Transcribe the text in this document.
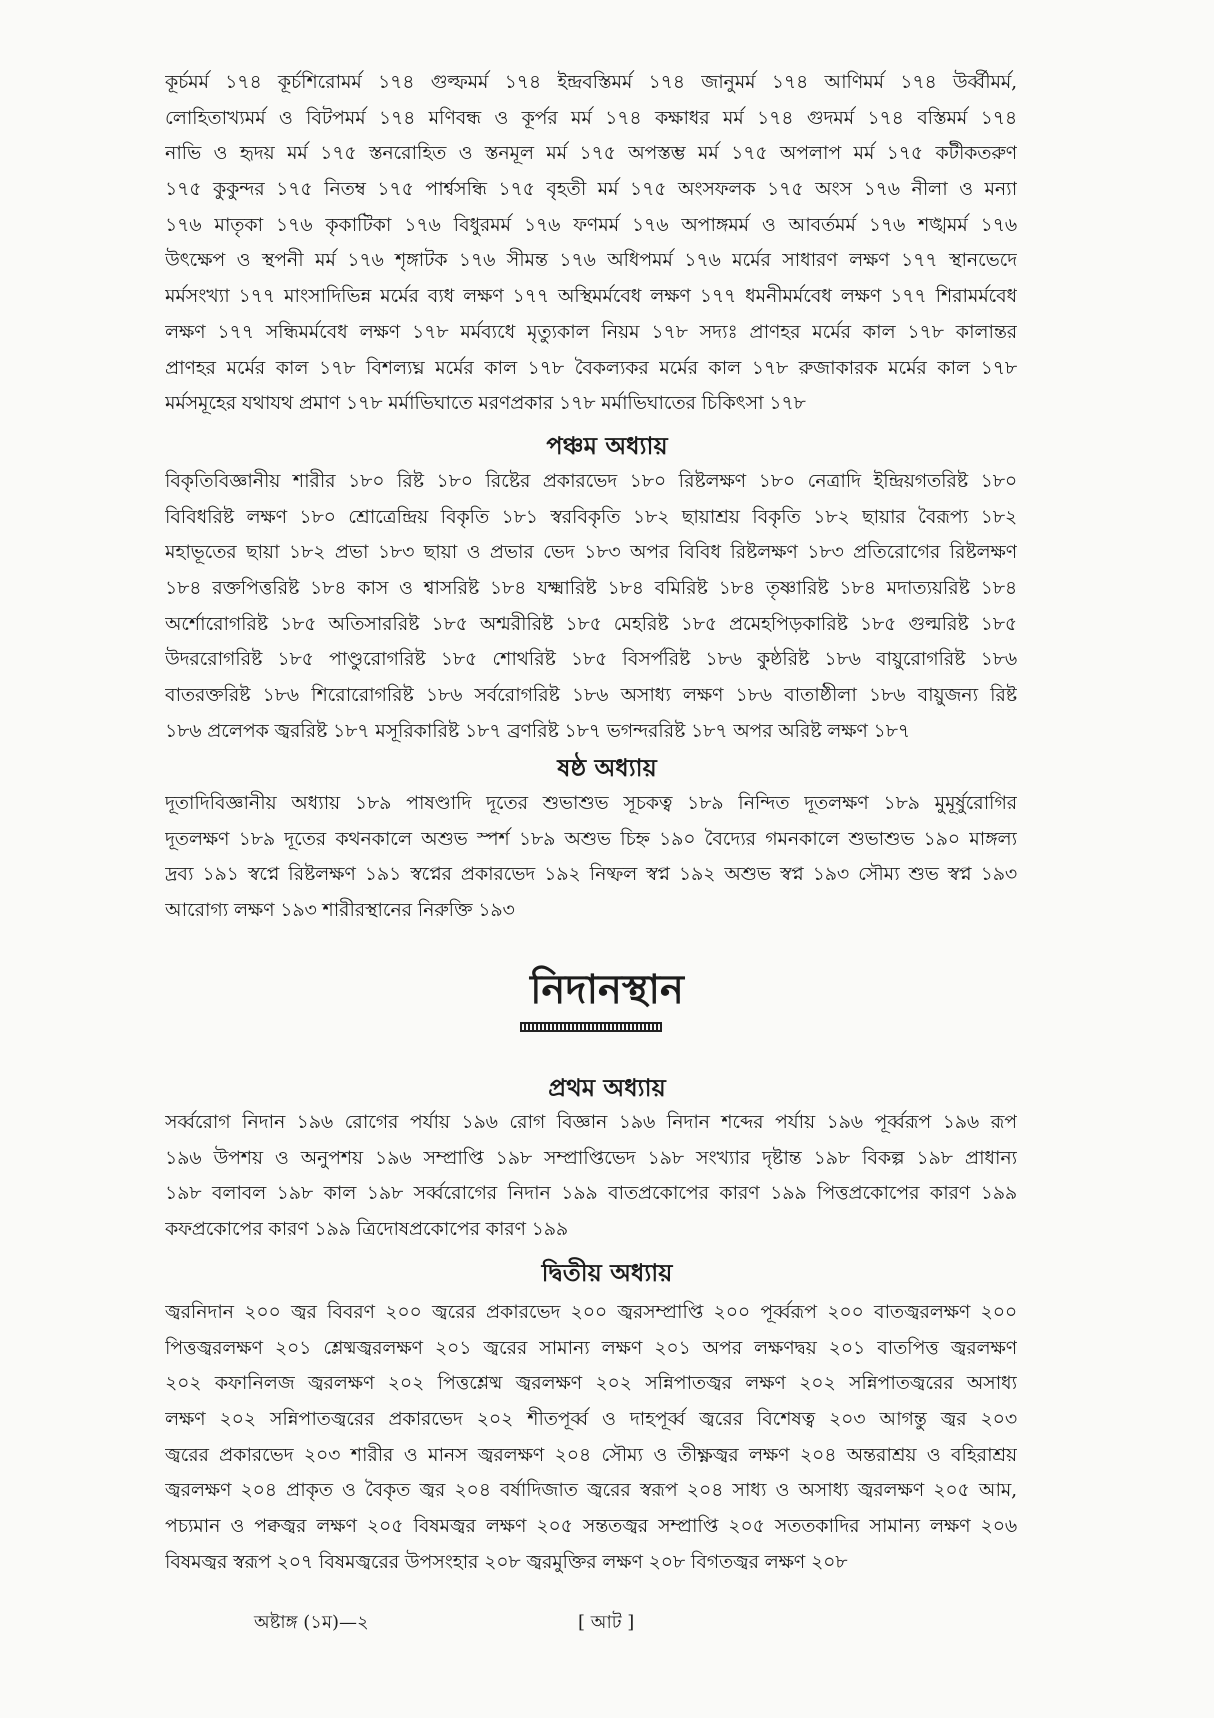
কূর্চমর্ম ১৭৪ কূর্চশিরোমর্ম ১৭৪ গুল্ফমর্ম ১৭৪ ইন্দ্রবস্তিমর্ম ১৭৪ জানুমর্ম ১৭৪ আণিমর্ম ১৭৪ উর্ব্বীমর্ম,
লোহিতাখ্যমর্ম ও বিটপমর্ম ১৭৪ মণিবন্ধ ও কূর্পর মর্ম ১৭৪ কক্ষাধর মর্ম ১৭৪ গুদমর্ম ১৭৪ বস্তিমর্ম ১৭৪
নাভি ও হৃদয় মর্ম ১৭৫ স্তনরোহিত ও স্তনমূল মর্ম ১৭৫ অপস্তম্ভ মর্ম ১৭৫ অপলাপ মর্ম ১৭৫ কটীকতরুণ
১৭৫ কুকুন্দর ১৭৫ নিতম্ব ১৭৫ পার্শ্বসন্ধি ১৭৫ বৃহতী মর্ম ১৭৫ অংসফলক ১৭৫ অংস ১৭৬ নীলা ও মন্যা
১৭৬ মাতৃকা ১৭৬ কৃকাটিকা ১৭৬ বিধুরমর্ম ১৭৬ ফণমর্ম ১৭৬ অপাঙ্গমর্ম ও আবর্তমর্ম ১৭৬ শঙ্খমর্ম ১৭৬
উৎক্ষেপ ও স্থপনী মর্ম ১৭৬ শৃঙ্গাটক ১৭৬ সীমন্ত ১৭৬ অধিপমর্ম ১৭৬ মর্মের সাধারণ লক্ষণ ১৭৭ স্থানভেদে
মর্মসংখ্যা ১৭৭ মাংসাদিভিন্ন মর্মের ব্যধ লক্ষণ ১৭৭ অস্থিমর্মবেধ লক্ষণ ১৭৭ ধমনীমর্মবেধ লক্ষণ ১৭৭ শিরামর্মবেধ
লক্ষণ ১৭৭ সন্ধিমর্মবেধ লক্ষণ ১৭৮ মর্মব্যধে মৃত্যুকাল নিয়ম ১৭৮ সদ্যঃ প্রাণহর মর্মের কাল ১৭৮ কালান্তর
প্রাণহর মর্মের কাল ১৭৮ বিশল্যঘ্ন মর্মের কাল ১৭৮ বৈকল্যকর মর্মের কাল ১৭৮ রুজাকারক মর্মের কাল ১৭৮
মর্মসমূহের যথাযথ প্রমাণ ১৭৮ মর্মাভিঘাতে মরণপ্রকার ১৭৮ মর্মাভিঘাতের চিকিৎসা ১৭৮
পঞ্চম অধ্যায়
বিকৃতিবিজ্ঞানীয় শারীর ১৮০ রিষ্ট ১৮০ রিষ্টের প্রকারভেদ ১৮০ রিষ্টলক্ষণ ১৮০ নেত্রাদি ইন্দ্রিয়গতরিষ্ট ১৮০
বিবিধরিষ্ট লক্ষণ ১৮০ শ্রোত্রেন্দ্রিয় বিকৃতি ১৮১ স্বরবিকৃতি ১৮২ ছায়াশ্রয় বিকৃতি ১৮২ ছায়ার বৈরূপ্য ১৮২
মহাভূতের ছায়া ১৮২ প্রভা ১৮৩ ছায়া ও প্রভার ভেদ ১৮৩ অপর বিবিধ রিষ্টলক্ষণ ১৮৩ প্রতিরোগের রিষ্টলক্ষণ
১৮৪ রক্তপিত্তরিষ্ট ১৮৪ কাস ও শ্বাসরিষ্ট ১৮৪ যক্ষ্মারিষ্ট ১৮৪ বমিরিষ্ট ১৮৪ তৃষ্ণারিষ্ট ১৮৪ মদাত্যয়রিষ্ট ১৮৪
অর্শোরোগরিষ্ট ১৮৫ অতিসাররিষ্ট ১৮৫ অশ্মরীরিষ্ট ১৮৫ মেহরিষ্ট ১৮৫ প্রমেহপিড়কারিষ্ট ১৮৫ গুল্মরিষ্ট ১৮৫
উদররোগরিষ্ট ১৮৫ পাণ্ডুরোগরিষ্ট ১৮৫ শোথরিষ্ট ১৮৫ বিসর্পরিষ্ট ১৮৬ কুষ্ঠরিষ্ট ১৮৬ বায়ুরোগরিষ্ট ১৮৬
বাতরক্তরিষ্ট ১৮৬ শিরোরোগরিষ্ট ১৮৬ সর্বরোগরিষ্ট ১৮৬ অসাধ্য লক্ষণ ১৮৬ বাতাষ্ঠীলা ১৮৬ বায়ুজন্য রিষ্ট
১৮৬ প্রলেপক জ্বররিষ্ট ১৮৭ মসূরিকারিষ্ট ১৮৭ ব্রণরিষ্ট ১৮৭ ভগন্দররিষ্ট ১৮৭ অপর অরিষ্ট লক্ষণ ১৮৭
ষষ্ঠ অধ্যায়
দূতাদিবিজ্ঞানীয় অধ্যায় ১৮৯ পাষণ্ডাদি দূতের শুভাশুভ সূচকত্ব ১৮৯ নিন্দিত দূতলক্ষণ ১৮৯ মুমূর্ষুরোগির
দূতলক্ষণ ১৮৯ দূতের কথনকালে অশুভ স্পর্শ ১৮৯ অশুভ চিহ্ন ১৯০ বৈদ্যের গমনকালে শুভাশুভ ১৯০ মাঙ্গল্য
দ্রব্য ১৯১ স্বপ্নে রিষ্টলক্ষণ ১৯১ স্বপ্নের প্রকারভেদ ১৯২ নিষ্ফল স্বপ্ন ১৯২ অশুভ স্বপ্ন ১৯৩ সৌম্য শুভ স্বপ্ন ১৯৩
আরোগ্য লক্ষণ ১৯৩ শারীরস্থানের নিরুক্তি ১৯৩
নিদানস্থান
প্রথম অধ্যায়
সর্ব্বরোগ নিদান ১৯৬ রোগের পর্যায় ১৯৬ রোগ বিজ্ঞান ১৯৬ নিদান শব্দের পর্যায় ১৯৬ পূর্ব্বরূপ ১৯৬ রূপ
১৯৬ উপশয় ও অনুপশয় ১৯৬ সম্প্রাপ্তি ১৯৮ সম্প্রাপ্তিভেদ ১৯৮ সংখ্যার দৃষ্টান্ত ১৯৮ বিকল্প ১৯৮ প্রাধান্য
১৯৮ বলাবল ১৯৮ কাল ১৯৮ সর্ব্বরোগের নিদান ১৯৯ বাতপ্রকোপের কারণ ১৯৯ পিত্তপ্রকোপের কারণ ১৯৯
কফপ্রকোপের কারণ ১৯৯ ত্রিদোষপ্রকোপের কারণ ১৯৯
দ্বিতীয় অধ্যায়
জ্বরনিদান ২০০ জ্বর বিবরণ ২০০ জ্বরের প্রকারভেদ ২০০ জ্বরসম্প্রাপ্তি ২০০ পূর্ব্বরূপ ২০০ বাতজ্বরলক্ষণ ২০০
পিত্তজ্বরলক্ষণ ২০১ শ্লেষ্মজ্বরলক্ষণ ২০১ জ্বরের সামান্য লক্ষণ ২০১ অপর লক্ষণদ্বয় ২০১ বাতপিত্ত জ্বরলক্ষণ
২০২ কফানিলজ জ্বরলক্ষণ ২০২ পিত্তশ্লেষ্ম জ্বরলক্ষণ ২০২ সন্নিপাতজ্বর লক্ষণ ২০২ সন্নিপাতজ্বরের অসাধ্য
লক্ষণ ২০২ সন্নিপাতজ্বরের প্রকারভেদ ২০২ শীতপূর্ব্ব ও দাহপূর্ব্ব জ্বরের বিশেষত্ব ২০৩ আগন্তু জ্বর ২০৩
জ্বরের প্রকারভেদ ২০৩ শারীর ও মানস জ্বরলক্ষণ ২০৪ সৌম্য ও তীক্ষ্ণজ্বর লক্ষণ ২০৪ অন্তরাশ্রয় ও বহিরাশ্রয়
জ্বরলক্ষণ ২০৪ প্রাকৃত ও বৈকৃত জ্বর ২০৪ বর্ষাদিজাত জ্বরের স্বরূপ ২০৪ সাধ্য ও অসাধ্য জ্বরলক্ষণ ২০৫ আম,
পচ্যমান ও পক্বজ্বর লক্ষণ ২০৫ বিষমজ্বর লক্ষণ ২০৫ সন্ততজ্বর সম্প্রাপ্তি ২০৫ সততকাদির সামান্য লক্ষণ ২০৬
বিষমজ্বর স্বরূপ ২০৭ বিষমজ্বরের উপসংহার ২০৮ জ্বরমুক্তির লক্ষণ ২০৮ বিগতজ্বর লক্ষণ ২০৮
অষ্টাঙ্গ (১ম)—২	[ আট ]
